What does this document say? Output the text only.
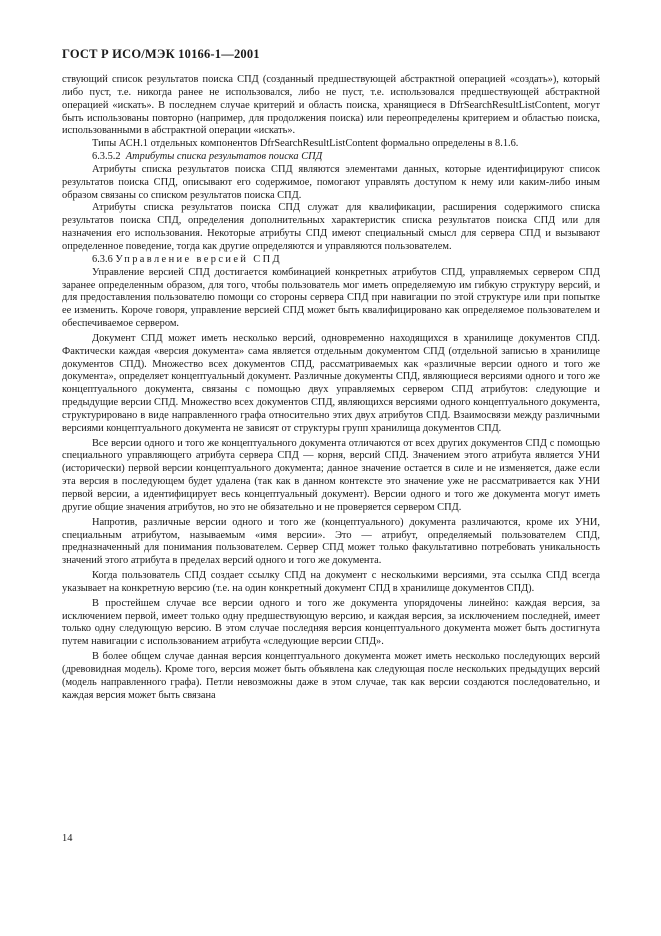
ГОСТ Р ИСО/МЭК 10166-1—2001

ствующий список результатов поиска СПД (созданный предшествующей абстрактной операцией «создать»), который либо пуст, т.е. никогда ранее не использовался, либо не пуст, т.е. использовался предшествующей абстрактной операцией «искать». В последнем случае критерий и область поиска, хранящиеся в DfrSearchResultListContent, могут быть использованы повторно (например, для продолжения поиска) или переопределены критерием и областью поиска, использованными в абстрактной операции «искать».

Типы АСН.1 отдельных компонентов DfrSearchResultListContent формально определены в 8.1.6.

6.3.5.2 Атрибуты списка результатов поиска СПД

Атрибуты списка результатов поиска СПД являются элементами данных, которые идентифицируют список результатов поиска СПД, описывают его содержимое, помогают управлять доступом к нему или каким-либо иным образом связаны со списком результатов поиска СПД.

Атрибуты списка результатов поиска СПД служат для квалификации, расширения содержимого списка результатов поиска СПД, определения дополнительных характеристик списка результатов поиска СПД или для назначения его использования. Некоторые атрибуты СПД имеют специальный смысл для сервера СПД и вызывают определенное поведение, тогда как другие определяются и управляются пользователем.

6.3.6 Управление версией СПД

Управление версией СПД достигается комбинацией конкретных атрибутов СПД, управляемых сервером СПД заранее определенным образом, для того, чтобы пользователь мог иметь определяемую им гибкую структуру версий, и для предоставления пользователю помощи со стороны сервера СПД при навигации по этой структуре или при попытке ее изменить. Короче говоря, управление версией СПД может быть квалифицировано как определяемое пользователем и обеспечиваемое сервером.

Документ СПД может иметь несколько версий, одновременно находящихся в хранилище документов СПД. Фактически каждая «версия документа» сама является отдельным документом СПД (отдельной записью в хранилище документов СПД). Множество всех документов СПД, рассматриваемых как «различные версии одного и того же документа», определяет концептуальный документ. Различные документы СПД, являющиеся версиями одного и того же концептуального документа, связаны с помощью двух управляемых сервером СПД атрибутов: следующие и предыдущие версии СПД. Множество всех документов СПД, являющихся версиями одного концептуального документа, структурировано в виде направленного графа относительно этих двух атрибутов СПД. Взаимосвязи между различными версиями концептуального документа не зависят от структуры групп хранилища документов СПД.

Все версии одного и того же концептуального документа отличаются от всех других документов СПД с помощью специального управляющего атрибута сервера СПД — корня, версий СПД. Значением этого атрибута является УНИ (исторически) первой версии концептуального документа; данное значение остается в силе и не изменяется, даже если эта версия в последующем будет удалена (так как в данном контексте это значение уже не рассматривается как УНИ первой версии, а идентифицирует весь концептуальный документ). Версии одного и того же документа могут иметь другие общие значения атрибутов, но это не обязательно и не проверяется сервером СПД.

Напротив, различные версии одного и того же (концептуального) документа различаются, кроме их УНИ, специальным атрибутом, называемым «имя версии». Это — атрибут, определяемый пользователем СПД, предназначенный для понимания пользователем. Сервер СПД может только факультативно потребовать уникальность значений этого атрибута в пределах версий одного и того же документа.

Когда пользователь СПД создает ссылку СПД на документ с несколькими версиями, эта ссылка СПД всегда указывает на конкретную версию (т.е. на один конкретный документ СПД в хранилище документов СПД).

В простейшем случае все версии одного и того же документа упорядочены линейно: каждая версия, за исключением первой, имеет только одну предшествующую версию, и каждая версия, за исключением последней, имеет только одну следующую версию. В этом случае последняя версия концептуального документа может быть достигнута путем навигации с использованием атрибута «следующие версии СПД».

В более общем случае данная версия концептуального документа может иметь несколько последующих версий (древовидная модель). Кроме того, версия может быть объявлена как следующая после нескольких предыдущих версий (модель направленного графа). Петли невозможны даже в этом случае, так как версии создаются последовательно, и каждая версия может быть связана

14
